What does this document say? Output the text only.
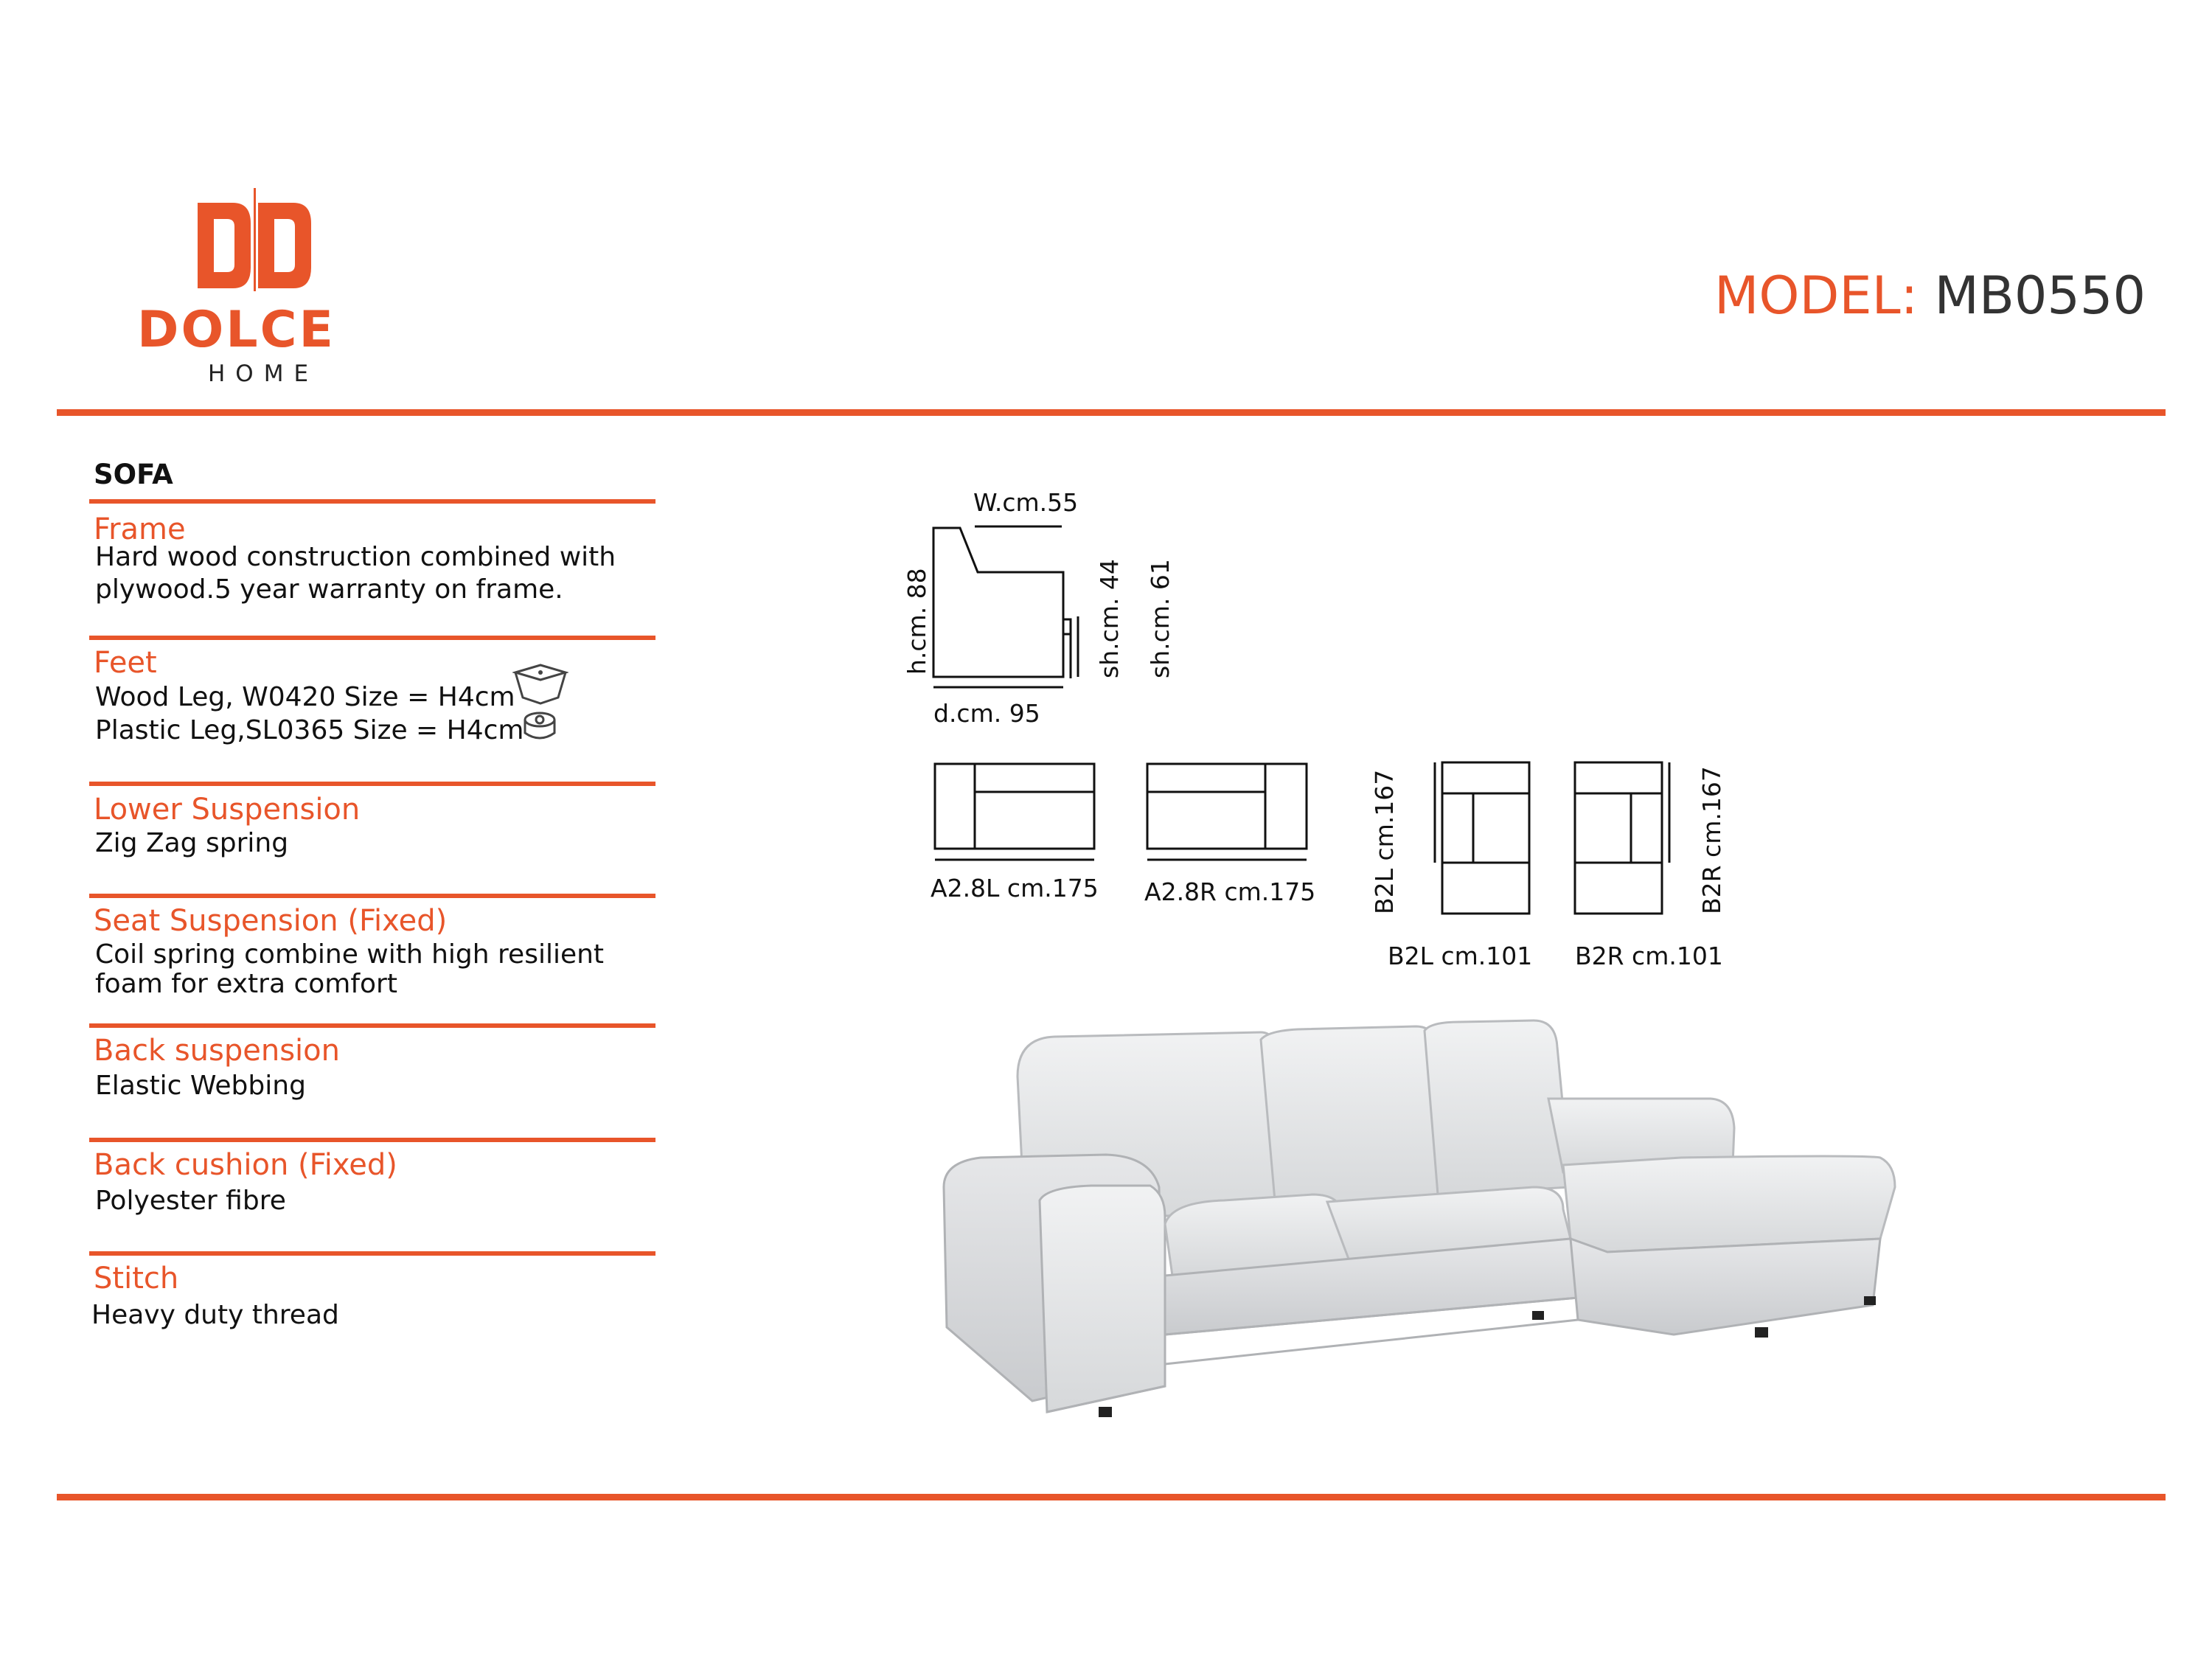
DOLCE
HOME
MODEL: MB0550
SOFA
Frame
Hard wood construction combined with
plywood.5 year warranty on frame.
Feet
Wood Leg, W0420 Size = H4cm
Plastic Leg,SL0365 Size = H4cm
Lower Suspension
Zig Zag spring
Seat Suspension (Fixed)
Coil spring combine with high resilient
foam for extra comfort
Back suspension
Elastic Webbing
Back cushion (Fixed)
Polyester fibre
Stitch
Heavy duty thread
W.cm.55
h.cm. 88	sh.cm. 44 sh.cm. 61
d.cm. 95
A2.8L cm.175 A2.8R cm.175 B2L cm.167
B2L cm.101
B2R cm.167
B2R cm.101
